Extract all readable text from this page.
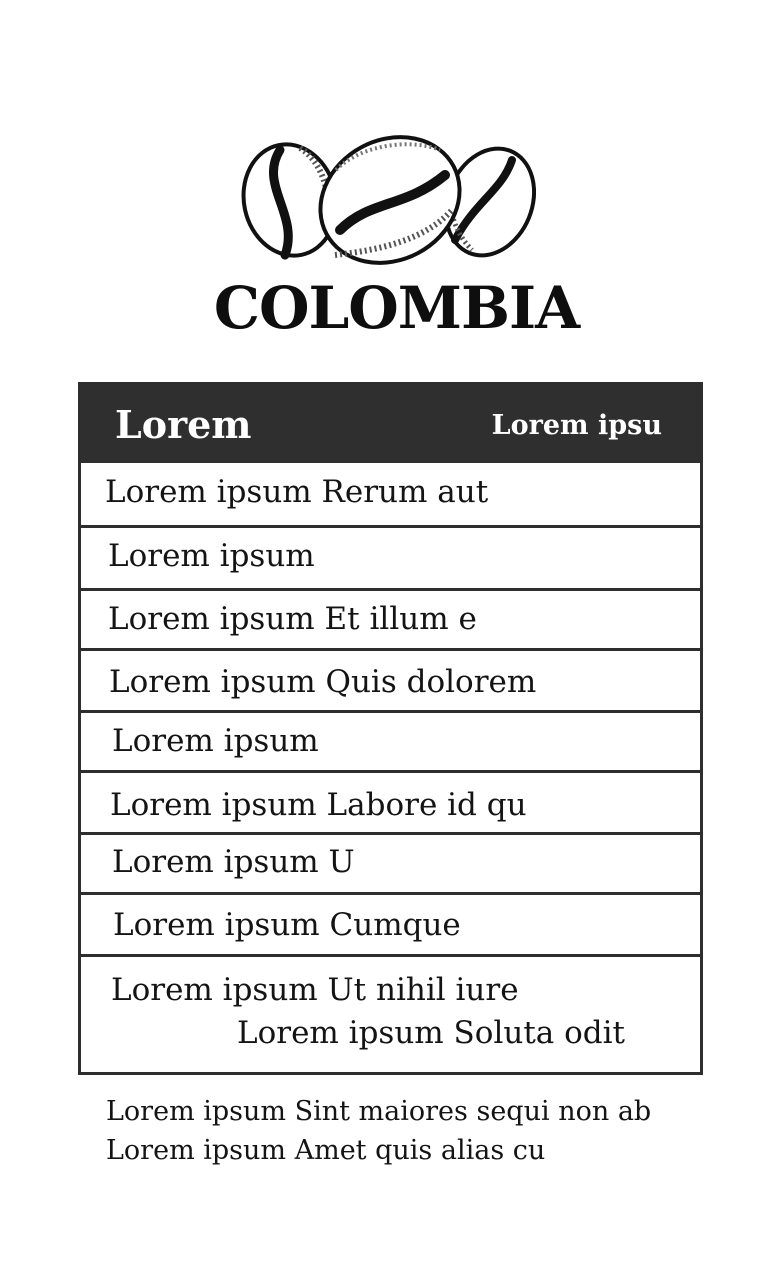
COLOMBIA
Lorem	Lorem ipsu
Lorem ipsum Rerum aut
Lorem ipsum
Lorem ipsum Et illum e
Lorem ipsum Quis dolorem
Lorem ipsum
Lorem ipsum Labore id qu
Lorem ipsum U
Lorem ipsum Cumque
Lorem ipsum Ut nihil iure
Lorem ipsum Soluta odit
Lorem ipsum Sint maiores sequi non ab
Lorem ipsum Amet quis alias cu
